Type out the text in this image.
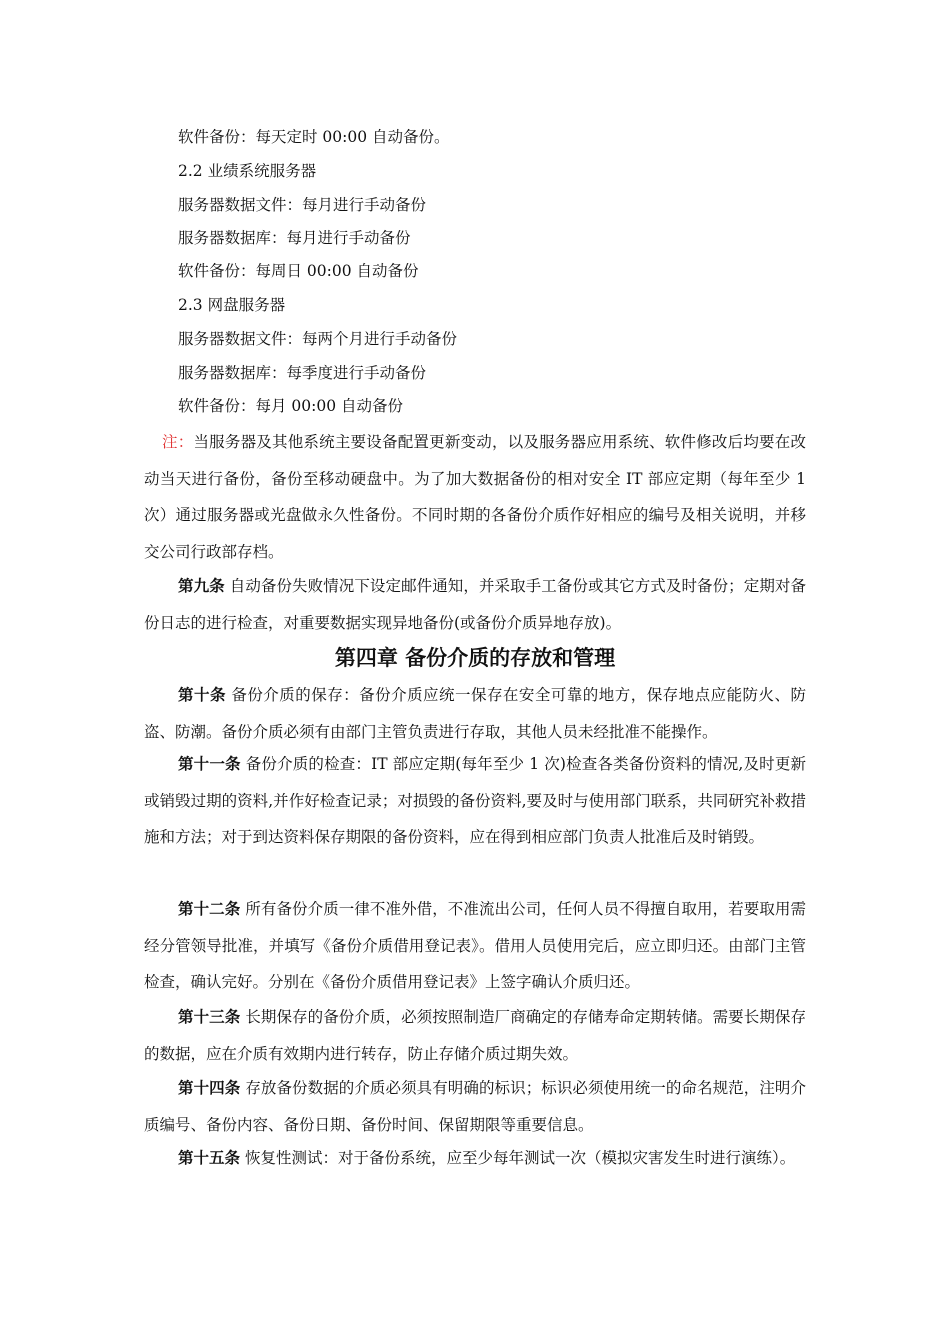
软件备份：每天定时 00:00 自动备份。
2.2 业绩系统服务器
服务器数据文件：每月进行手动备份
服务器数据库：每月进行手动备份
软件备份：每周日 00:00 自动备份
2.3 网盘服务器
服务器数据文件：每两个月进行手动备份
服务器数据库：每季度进行手动备份
软件备份：每月 00:00 自动备份
注：当服务器及其他系统主要设备配置更新变动，以及服务器应用系统、软件修改后均要在改动当天进行备份，备份至移动硬盘中。为了加大数据备份的相对安全 IT 部应定期（每年至少 1 次）通过服务器或光盘做永久性备份。不同时期的各备份介质作好相应的编号及相关说明，并移交公司行政部存档。
第九条 自动备份失败情况下设定邮件通知，并采取手工备份或其它方式及时备份；定期对备份日志的进行检查，对重要数据实现异地备份(或备份介质异地存放)。
第四章 备份介质的存放和管理
第十条 备份介质的保存：备份介质应统一保存在安全可靠的地方，保存地点应能防火、防盗、防潮。备份介质必须有由部门主管负责进行存取，其他人员未经批准不能操作。
第十一条 备份介质的检查：IT 部应定期(每年至少 1 次)检查各类备份资料的情况,及时更新或销毁过期的资料,并作好检查记录；对损毁的备份资料,要及时与使用部门联系，共同研究补救措施和方法；对于到达资料保存期限的备份资料，应在得到相应部门负责人批准后及时销毁。
第十二条 所有备份介质一律不准外借，不准流出公司，任何人员不得擅自取用，若要取用需经分管领导批准，并填写《备份介质借用登记表》。借用人员使用完后，应立即归还。由部门主管检查，确认完好。分别在《备份介质借用登记表》上签字确认介质归还。
第十三条 长期保存的备份介质，必须按照制造厂商确定的存储寿命定期转储。需要长期保存的数据，应在介质有效期内进行转存，防止存储介质过期失效。
第十四条 存放备份数据的介质必须具有明确的标识；标识必须使用统一的命名规范，注明介质编号、备份内容、备份日期、备份时间、保留期限等重要信息。
第十五条 恢复性测试：对于备份系统，应至少每年测试一次（模拟灾害发生时进行演练）。
